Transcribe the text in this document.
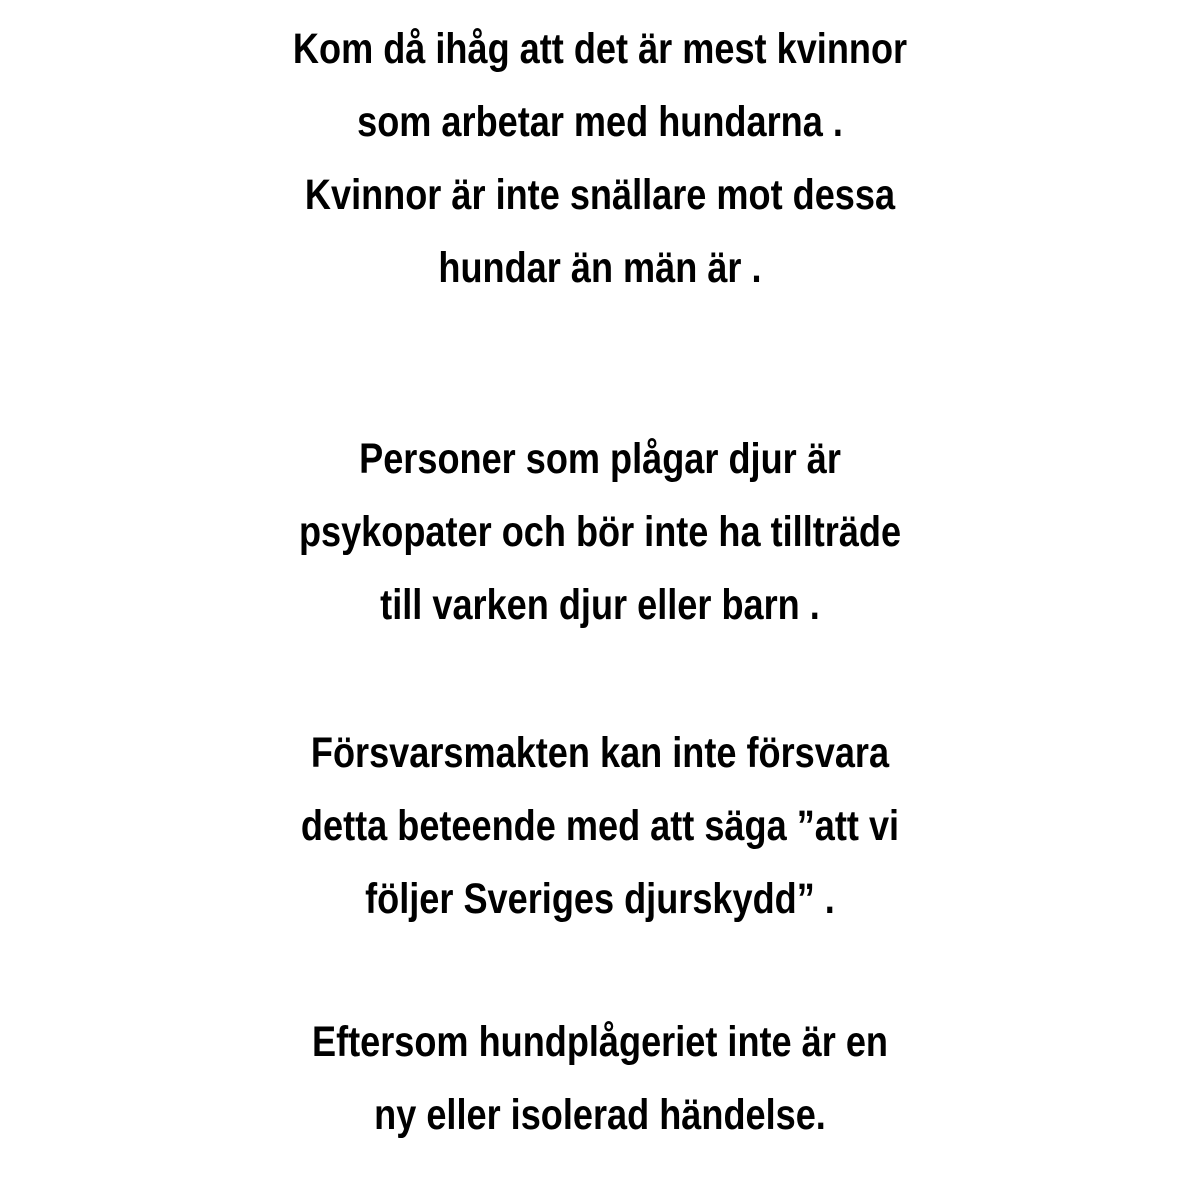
Kom då ihåg att det är mest kvinnor
som arbetar med hundarna .
Kvinnor är inte snällare mot dessa
hundar än män är .
Personer som plågar djur är
psykopater och bör inte ha tillträde
till varken djur eller barn .
Försvarsmakten kan inte försvara
detta beteende med att säga ”att vi
följer Sveriges djurskydd” .
Eftersom hundplågeriet inte är en
ny eller isolerad händelse.
